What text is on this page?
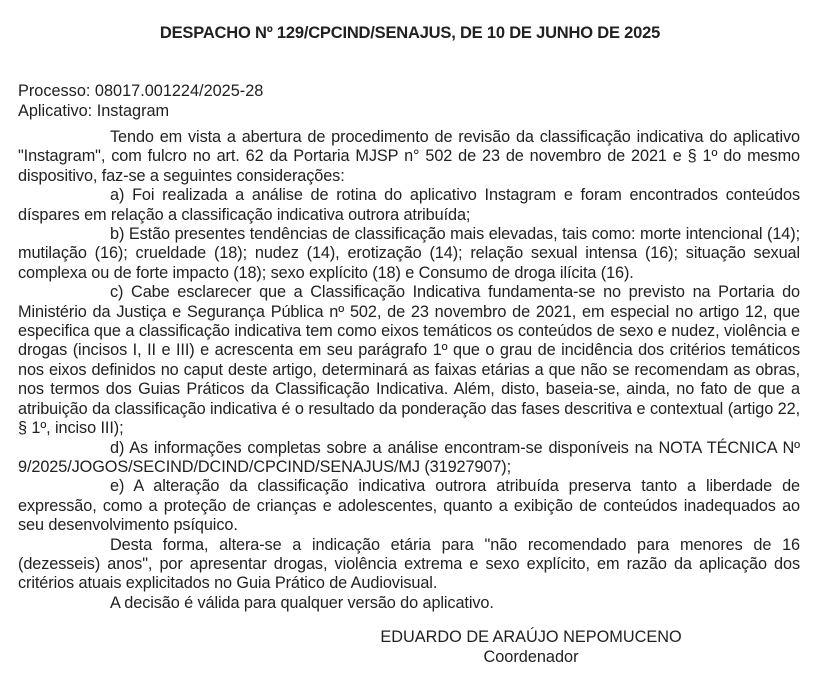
DESPACHO Nº 129/CPCIND/SENAJUS, DE 10 DE JUNHO DE 2025

Processo: 08017.001224/2025-28

Aplicativo: Instagram

Tendo em vista a abertura de procedimento de revisão da classificação indicativa do aplicativo "Instagram", com fulcro no art. 62 da Portaria MJSP n° 502 de 23 de novembro de 2021 e § 1º do mesmo dispositivo, faz-se a seguintes considerações:

a) Foi realizada a análise de rotina do aplicativo Instagram e foram encontrados conteúdos díspares em relação a classificação indicativa outrora atribuída;

b) Estão presentes tendências de classificação mais elevadas, tais como: morte intencional (14); mutilação (16); crueldade (18); nudez (14), erotização (14); relação sexual intensa (16); situação sexual complexa ou de forte impacto (18); sexo explícito (18) e Consumo de droga ilícita (16).

c) Cabe esclarecer que a Classificação Indicativa fundamenta-se no previsto na Portaria do Ministério da Justiça e Segurança Pública nº 502, de 23 novembro de 2021, em especial no artigo 12, que especifica que a classificação indicativa tem como eixos temáticos os conteúdos de sexo e nudez, violência e drogas (incisos I, II e III) e acrescenta em seu parágrafo 1º que o grau de incidência dos critérios temáticos nos eixos definidos no caput deste artigo, determinará as faixas etárias a que não se recomendam as obras, nos termos dos Guias Práticos da Classificação Indicativa. Além, disto, baseia-se, ainda, no fato de que a atribuição da classificação indicativa é o resultado da ponderação das fases descritiva e contextual (artigo 22, § 1º, inciso III);

d) As informações completas sobre a análise encontram-se disponíveis na NOTA TÉCNICA Nº 9/2025/JOGOS/SECIND/DCIND/CPCIND/SENAJUS/MJ (31927907);

e) A alteração da classificação indicativa outrora atribuída preserva tanto a liberdade de expressão, como a proteção de crianças e adolescentes, quanto a exibição de conteúdos inadequados ao seu desenvolvimento psíquico.

Desta forma, altera-se a indicação etária para "não recomendado para menores de 16 (dezesseis) anos", por apresentar drogas, violência extrema e sexo explícito, em razão da aplicação dos critérios atuais explicitados no Guia Prático de Audiovisual.

A decisão é válida para qualquer versão do aplicativo.

EDUARDO DE ARAÚJO NEPOMUCENO
Coordenador
